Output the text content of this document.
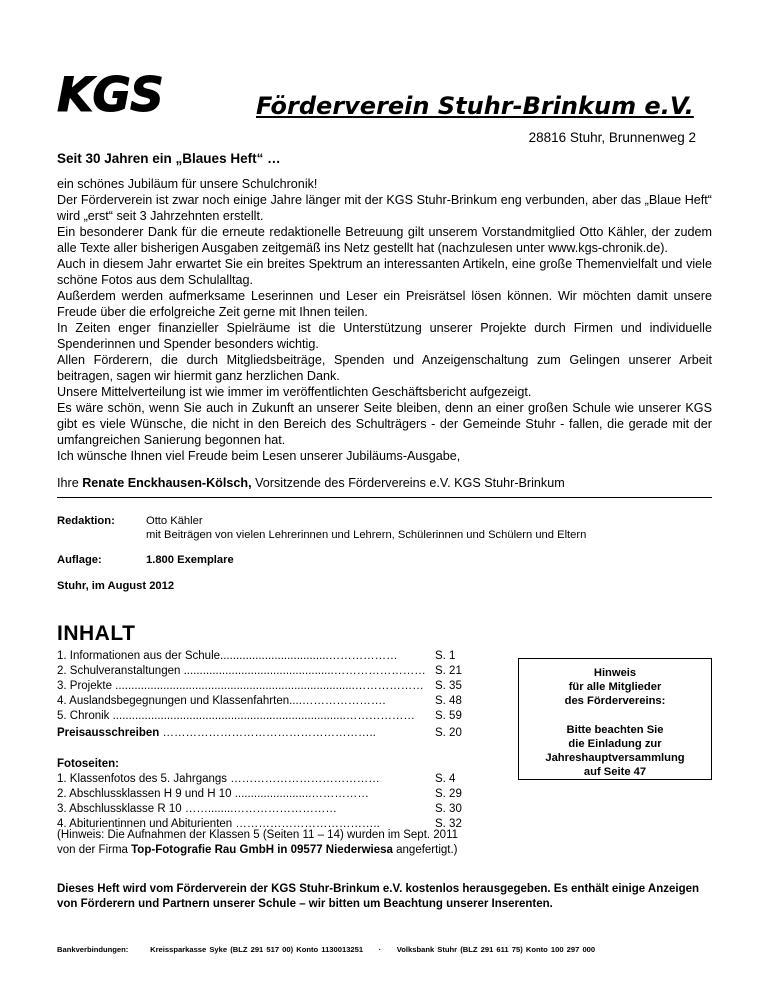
KGS	Förderverein Stuhr-Brinkum e.V.
28816 Stuhr, Brunnenweg 2
Seit 30 Jahren ein „Blaues Heft“ …

ein schönes Jubiläum für unsere Schulchronik!

Der Förderverein ist zwar noch einige Jahre länger mit der KGS Stuhr-Brinkum eng verbunden, aber das „Blaue Heft“ wird „erst“ seit 3 Jahrzehnten erstellt.

Ein besonderer Dank für die erneute redaktionelle Betreuung gilt unserem Vorstandmitglied Otto Kähler, der zudem alle Texte aller bisherigen Ausgaben zeitgemäß ins Netz gestellt hat (nachzulesen unter www.kgs-chronik.de).

Auch in diesem Jahr erwartet Sie ein breites Spektrum an interessanten Artikeln, eine große Themenvielfalt und viele schöne Fotos aus dem Schulalltag.

Außerdem werden aufmerksame Leserinnen und Leser ein Preisrätsel lösen können. Wir möchten damit unsere Freude über die erfolgreiche Zeit gerne mit Ihnen teilen.

In Zeiten enger finanzieller Spielräume ist die Unterstützung unserer Projekte durch Firmen und individuelle Spenderinnen und Spender besonders wichtig.

Allen Förderern, die durch Mitgliedsbeiträge, Spenden und Anzeigenschaltung zum Gelingen unserer Arbeit beitragen, sagen wir hiermit ganz herzlichen Dank.

Unsere Mittelverteilung ist wie immer im veröffentlichten Geschäftsbericht aufgezeigt.

Es wäre schön, wenn Sie auch in Zukunft an unserer Seite bleiben, denn an einer großen Schule wie unserer KGS gibt es viele Wünsche, die nicht in den Bereich des Schulträgers - der Gemeinde Stuhr - fallen, die gerade mit der umfangreichen Sanierung begonnen hat.

Ich wünsche Ihnen viel Freude beim Lesen unserer Jubiläums-Ausgabe,

Ihre Renate Enckhausen-Kölsch, Vorsitzende des Fördervereins e.V. KGS Stuhr-Brinkum
Redaktion:	Otto Kähler
mit Beiträgen von vielen Lehrerinnen und Lehrern, Schülerinnen und Schülern und Eltern
Auflage:	1.800 Exemplare
Stuhr, im August 2012
INHALT
1. Informationen aus der Schule..................................………………	S. 1
2. Schulveranstaltungen ...............................................…………………… S. 21
3. Projekte ...........................................................................……………… S. 35
4. Auslandsbegegnungen und Klassenfahrten....………………….	S. 48
5. Chronik .........................................................................………………	S. 59
Preisausschreiben ………………………………………………..	S. 20
Fotoseiten:
1. Klassenfotos des 5. Jahrgangs …………………………………	S. 4
2. Abschlussklassen H 9 und H 10 ........................……………	S. 29
3. Abschlussklasse R 10 ……........………………………	S. 30
4. Abiturientinnen und Abiturienten ………………………………..	S. 32
Hinweis
für alle Mitglieder
des Fördervereins:
Bitte beachten Sie
die Einladung zur
Jahreshauptversammlung
auf Seite 47
(Hinweis: Die Aufnahmen der Klassen 5 (Seiten 11 – 14) wurden im Sept. 2011
von der Firma Top-Fotografie Rau GmbH in 09577 Niederwiesa angefertigt.)
Dieses Heft wird vom Förderverein der KGS Stuhr-Brinkum e.V. kostenlos herausgegeben. Es enthält einige Anzeigen von Förderern und Partnern unserer Schule – wir bitten um Beachtung unserer Inserenten.
Bankverbindungen:	Kreissparkasse Syke (BLZ 291 517 00) Konto 1130013251 · Volksbank Stuhr (BLZ 291 611 75) Konto 100 297 000
